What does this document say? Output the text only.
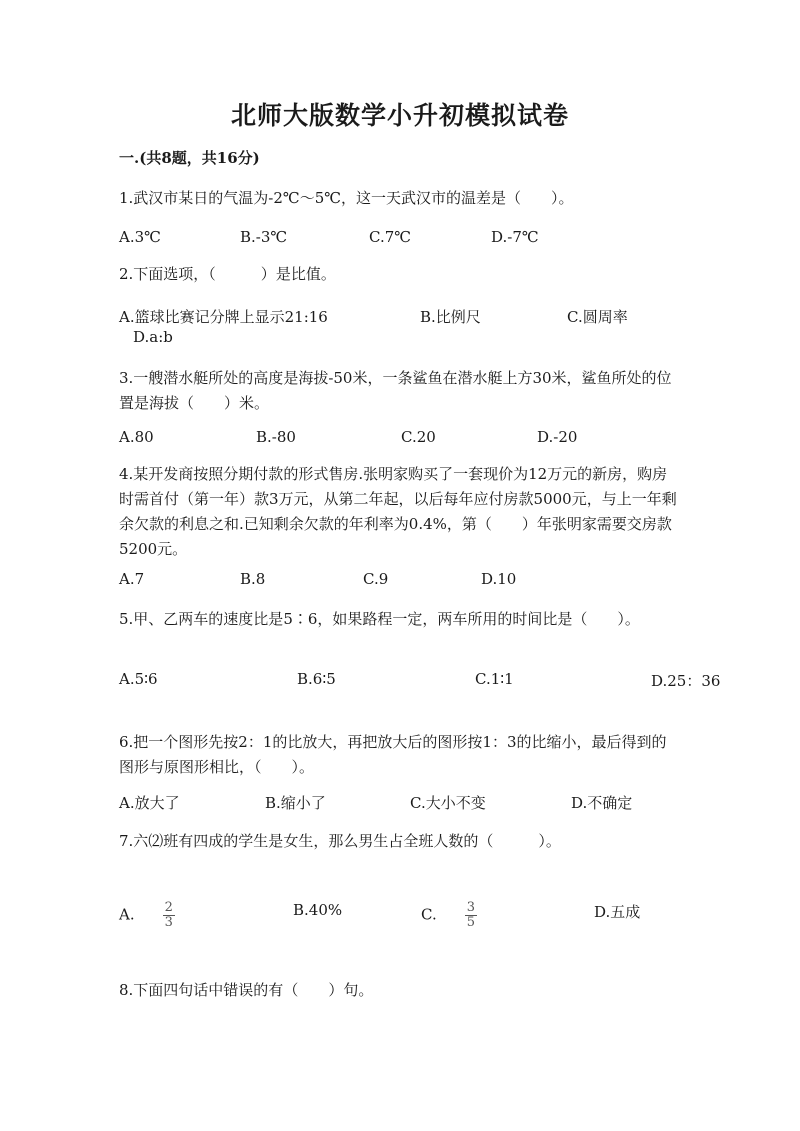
北师大版数学小升初模拟试卷
一.(共8题，共16分)
1.武汉市某日的气温为-2℃～5℃，这一天武汉市的温差是（　　）。
A.3℃	B.-3℃	C.7℃	D.-7℃
2.下面选项，（　　　）是比值。
A.篮球比赛记分牌上显示21:16	B.比例尺	C.圆周率
D.a:b
3.一艘潜水艇所处的高度是海拔-50米，一条鲨鱼在潜水艇上方30米，鲨鱼所处的位置是海拔（　　）米。
A.80	B.-80	C.20	D.-20
4.某开发商按照分期付款的形式售房.张明家购买了一套现价为12万元的新房，购房时需首付（第一年）款3万元，从第二年起，以后每年应付房款5000元，与上一年剩余欠款的利息之和.已知剩余欠款的年利率为0.4%，第（　　）年张明家需要交房款5200元。
A.7	B.8	C.9	D.10
5.甲、乙两车的速度比是5∶6，如果路程一定，两车所用的时间比是（　　）。
A.5∶6	B.6∶5	C.1∶1	D.25：36
6.把一个图形先按2：1的比放大，再把放大后的图形按1：3的比缩小，最后得到的图形与原图形相比，（　　）。
A.放大了	B.缩小了	C.大小不变	D.不确定
7.六⑵班有四成的学生是女生，那么男生占全班人数的（　　　）。
A. $\frac{2}{3}$	B.40%	C. $\frac{3}{5}$	D.五成
8.下面四句话中错误的有（　　）句。
